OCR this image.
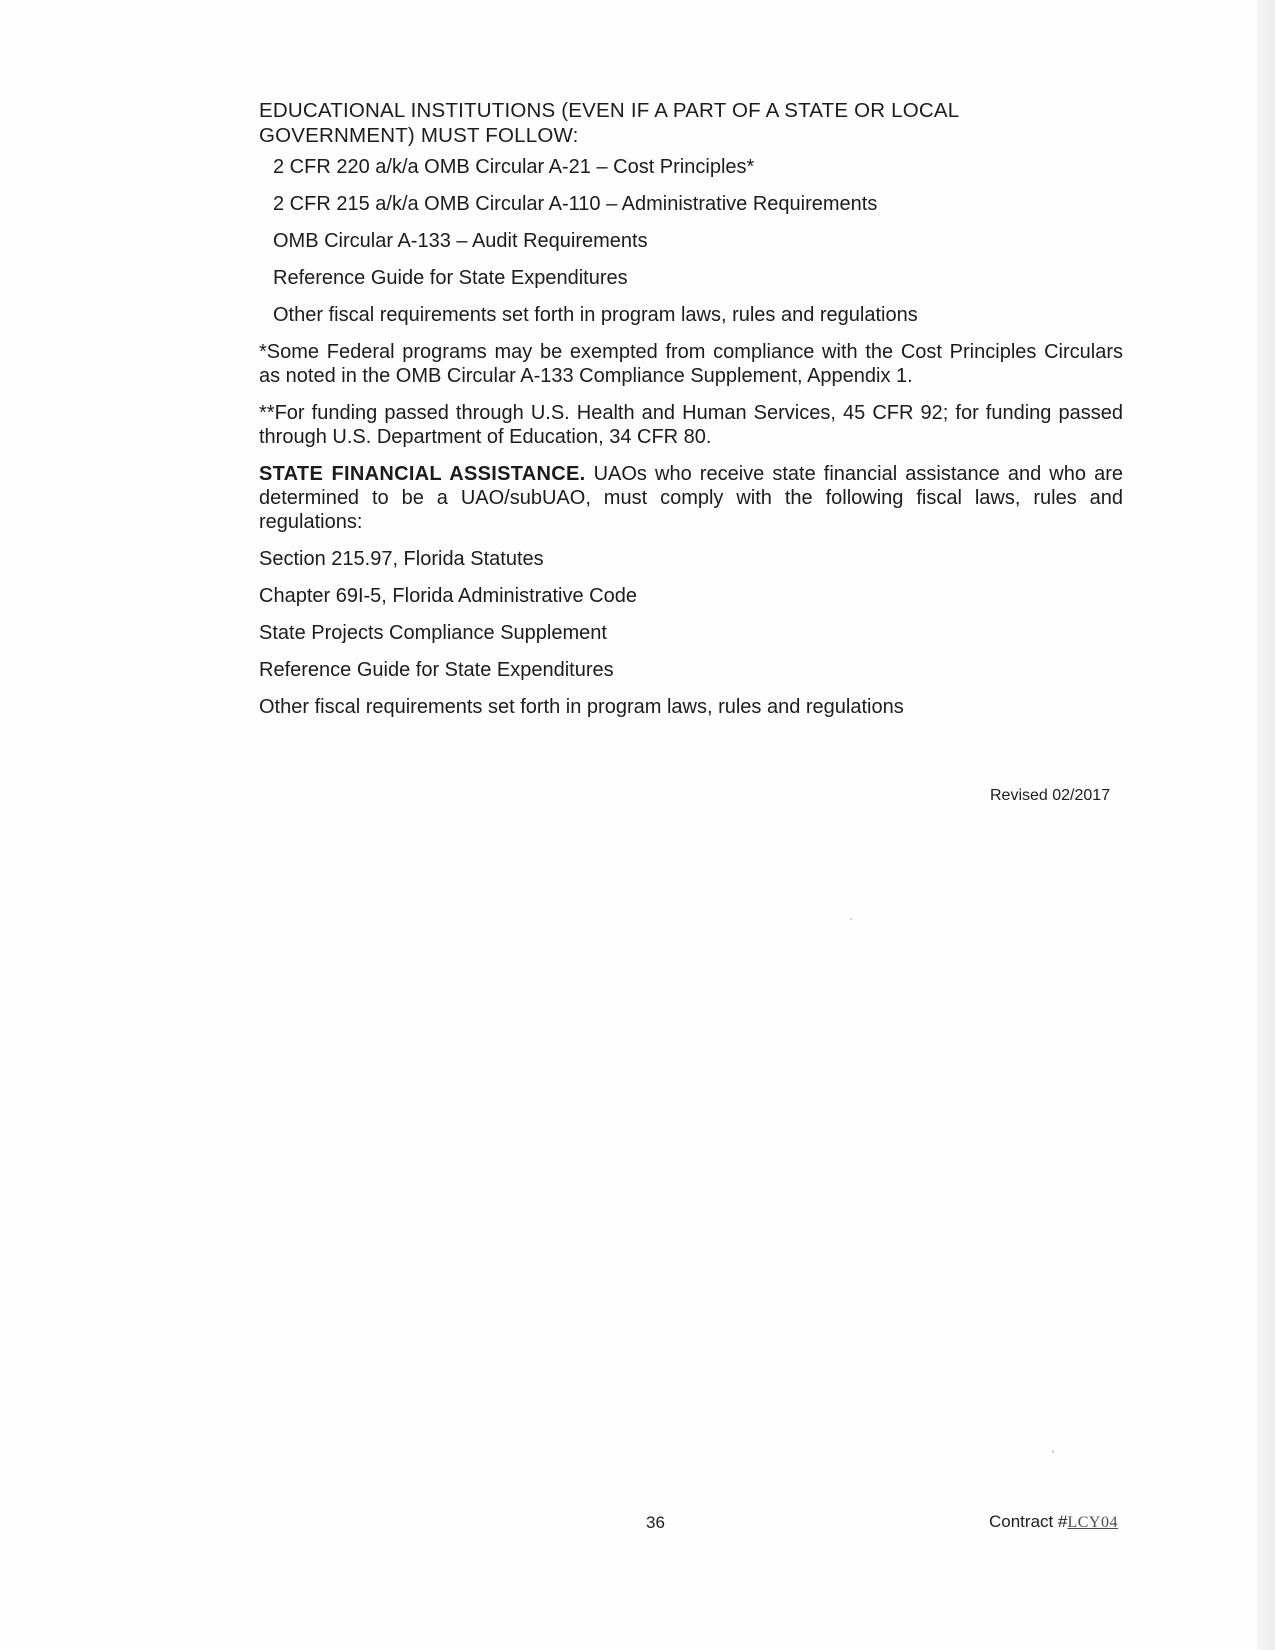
EDUCATIONAL INSTITUTIONS (EVEN IF A PART OF A STATE OR LOCAL
GOVERNMENT) MUST FOLLOW:
2 CFR 220 a/k/a OMB Circular A-21 – Cost Principles*
2 CFR 215 a/k/a OMB Circular A-110 – Administrative Requirements
OMB Circular A-133 – Audit Requirements
Reference Guide for State Expenditures
Other fiscal requirements set forth in program laws, rules and regulations

*Some Federal programs may be exempted from compliance with the Cost Principles Circulars as noted in the OMB Circular A-133 Compliance Supplement, Appendix 1.

**For funding passed through U.S. Health and Human Services, 45 CFR 92; for funding passed through U.S. Department of Education, 34 CFR 80.

STATE FINANCIAL ASSISTANCE. UAOs who receive state financial assistance and who are determined to be a UAO/subUAO, must comply with the following fiscal laws, rules and regulations:

Section 215.97, Florida Statutes
Chapter 69I-5, Florida Administrative Code
State Projects Compliance Supplement
Reference Guide for State Expenditures
Other fiscal requirements set forth in program laws, rules and regulations
Revised 02/2017
36	Contract #LCY04
